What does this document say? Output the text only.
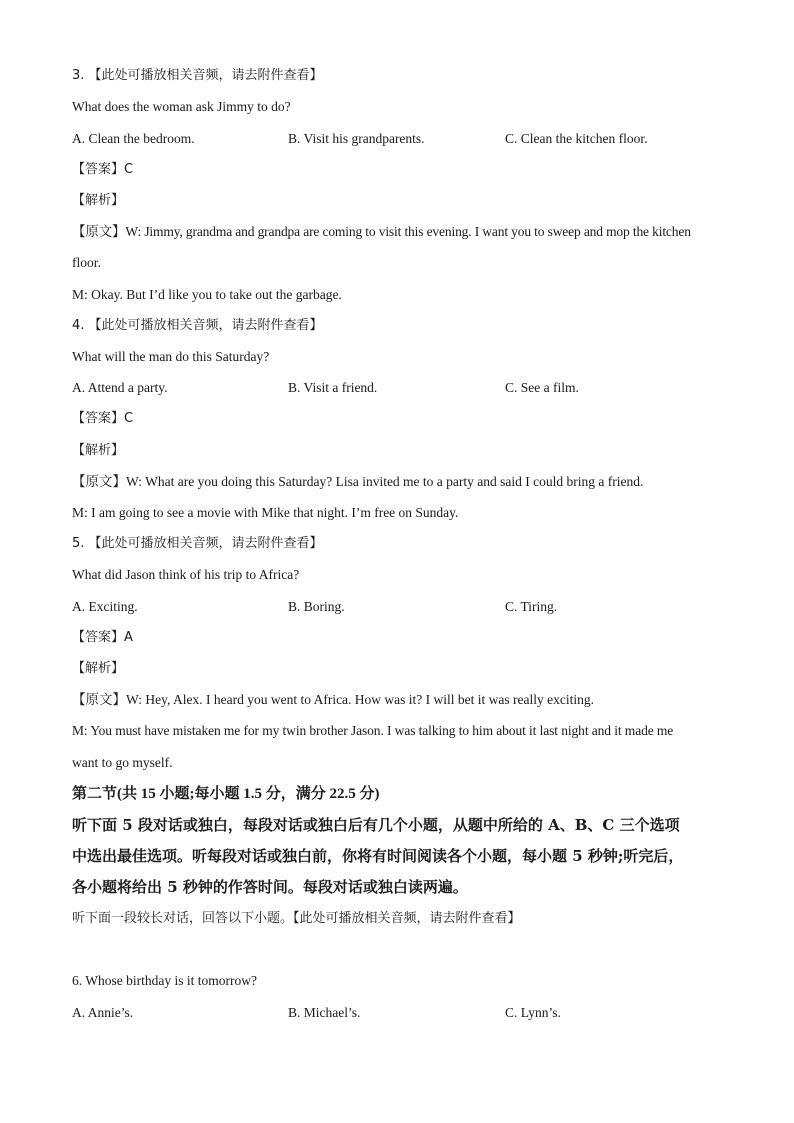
3. 【此处可播放相关音频，请去附件查看】
What does the woman ask Jimmy to do?
A. Clean the bedroom.	B. Visit his grandparents.	C. Clean the kitchen floor.
【答案】C
【解析】
【原文】W: Jimmy, grandma and grandpa are coming to visit this evening. I want you to sweep and mop the kitchen
floor.
M: Okay. But I’d like you to take out the garbage.
4. 【此处可播放相关音频，请去附件查看】
What will the man do this Saturday?
A. Attend a party.	B. Visit a friend.	C. See a film.
【答案】C
【解析】
【原文】W: What are you doing this Saturday? Lisa invited me to a party and said I could bring a friend.
M: I am going to see a movie with Mike that night. I’m free on Sunday.
5. 【此处可播放相关音频，请去附件查看】
What did Jason think of his trip to Africa?
A. Exciting.	B. Boring.	C. Tiring.
【答案】A
【解析】
【原文】W: Hey, Alex. I heard you went to Africa. How was it? I will bet it was really exciting.
M: You must have mistaken me for my twin brother Jason. I was talking to him about it last night and it made me
want to go myself.
第二节(共 15 小题;每小题 1.5 分，满分 22.5 分)
听下面 5 段对话或独白，每段对话或独白后有几个小题，从题中所给的 A、B、C 三个选项
中选出最佳选项。听每段对话或独白前，你将有时间阅读各个小题，每小题 5 秒钟;听完后，
各小题将给出 5 秒钟的作答时间。每段对话或独白读两遍。
听下面一段较长对话，回答以下小题。【此处可播放相关音频，请去附件查看】
6. Whose birthday is it tomorrow?
A. Annie’s.	B. Michael’s.	C. Lynn’s.
